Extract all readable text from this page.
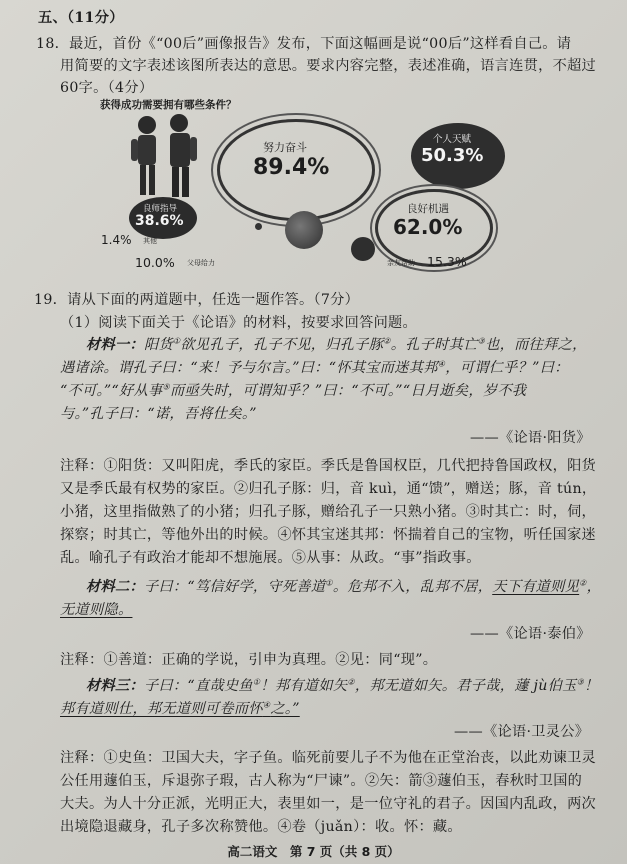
五、（11分）
18．最近，首份《“00后”画像报告》发布，下面这幅画是说“00后”这样看自己。请
用简要的文字表述该图所表达的意思。要求内容完整，表述准确，语言连贯，不超过
60字。（4分）
获得成功需要拥有哪些条件？
努力奋斗
89.4%
个人天赋
50.3%
良师指导
38.6%
良好机遇
62.0%
1.4% 其他
10.0% 父母给力	亲友帮助 15.3%
19．请从下面的两道题中，任选一题作答。（7分）
（1）阅读下面关于《论语》的材料，按要求回答问题。
材料一：阳货①欲见孔子，孔子不见，归孔子豚②。孔子时其亡③也，而往拜之，
遇诸涂。谓孔子曰：“来！予与尔言。”曰：“怀其宝而迷其邦④，可谓仁乎？”曰：
“不可。”“好从事⑤而亟失时，可谓知乎？”曰：“不可。”“日月逝矣，岁不我
与。”孔子曰：“诺，吾将仕矣。”
——《论语·阳货》
注释：①阳货：又叫阳虎，季氏的家臣。季氏是鲁国权臣，几代把持鲁国政权，阳货
又是季氏最有权势的家臣。②归孔子豚：归，音 kuì，通“馈”，赠送；豚，音 tún，
小猪，这里指做熟了的小猪；归孔子豚，赠给孔子一只熟小猪。③时其亡：时，伺，
探察；时其亡，等他外出的时候。④怀其宝迷其邦：怀揣着自己的宝物，听任国家迷
乱。喻孔子有政治才能却不想施展。⑤从事：从政。“事”指政事。
材料二：子曰：“笃信好学，守死善道①。危邦不入，乱邦不居，天下有道则见②，
无道则隐。
——《论语·泰伯》
注释：①善道：正确的学说，引申为真理。②见：同“现”。
材料三：子曰：“直哉史鱼①！邦有道如矢②，邦无道如矢。君子哉，蘧 jù伯玉③！
邦有道则仕，邦无道则可卷而怀④之。”
——《论语·卫灵公》
注释：①史鱼：卫国大夫，字子鱼。临死前要儿子不为他在正堂治丧，以此劝谏卫灵
公任用蘧伯玉，斥退弥子瑕，古人称为“尸谏”。②矢：箭③蘧伯玉，春秋时卫国的
大夫。为人十分正派，光明正大，表里如一，是一位守礼的君子。因国内乱政，两次
出境隐退藏身，孔子多次称赞他。④卷（juǎn）：收。怀：藏。
高二语文　第 7 页（共 8 页）
